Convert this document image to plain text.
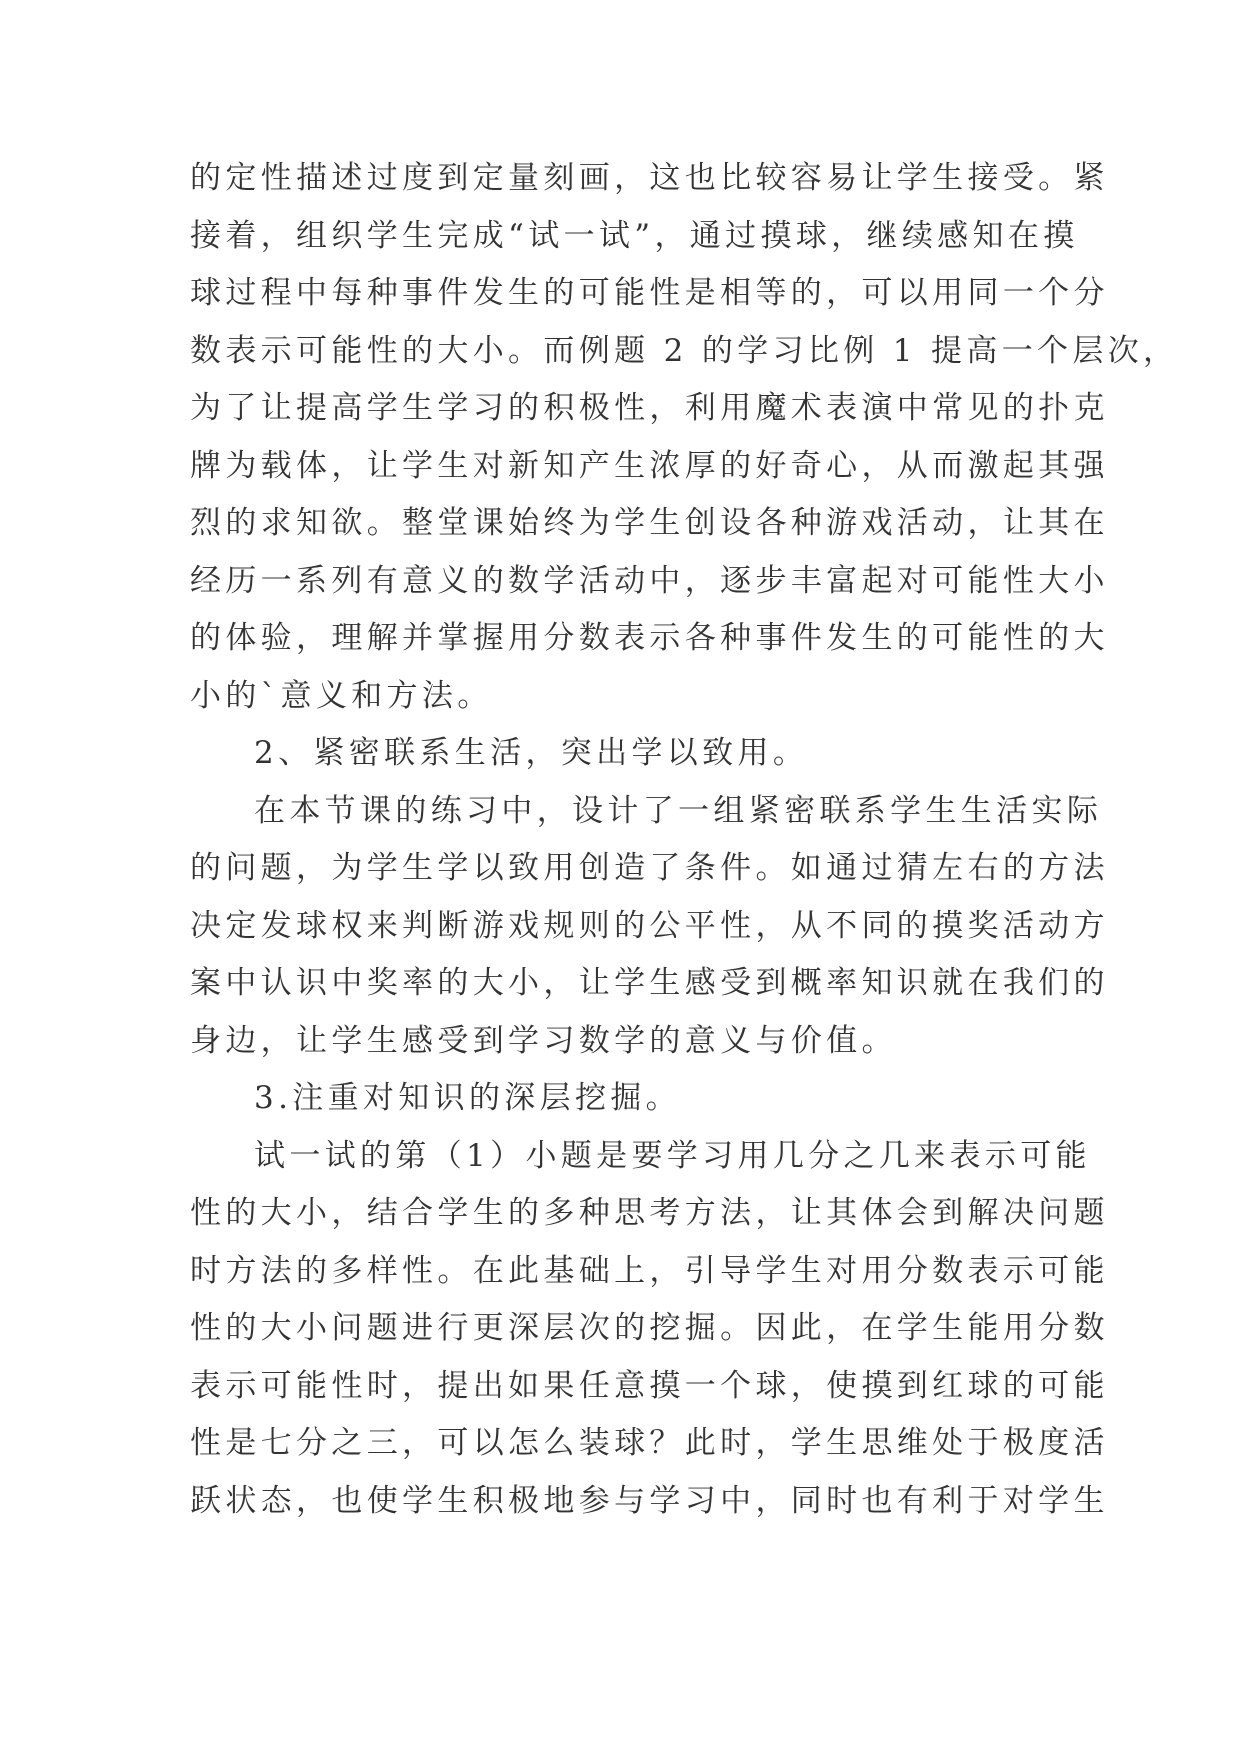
的定性描述过度到定量刻画，这也比较容易让学生接受。紧
接着，组织学生完成“试一试”，通过摸球，继续感知在摸
球过程中每种事件发生的可能性是相等的，可以用同一个分
数表示可能性的大小。而例题 2 的学习比例 1 提高一个层次，
为了让提高学生学习的积极性，利用魔术表演中常见的扑克
牌为载体，让学生对新知产生浓厚的好奇心，从而激起其强
烈的求知欲。整堂课始终为学生创设各种游戏活动，让其在
经历一系列有意义的数学活动中，逐步丰富起对可能性大小
的体验，理解并掌握用分数表示各种事件发生的可能性的大
小的`意义和方法。
2、紧密联系生活，突出学以致用。
在本节课的练习中，设计了一组紧密联系学生生活实际
的问题，为学生学以致用创造了条件。如通过猜左右的方法
决定发球权来判断游戏规则的公平性，从不同的摸奖活动方
案中认识中奖率的大小，让学生感受到概率知识就在我们的
身边，让学生感受到学习数学的意义与价值。
3.注重对知识的深层挖掘。
试一试的第（1）小题是要学习用几分之几来表示可能
性的大小，结合学生的多种思考方法，让其体会到解决问题
时方法的多样性。在此基础上，引导学生对用分数表示可能
性的大小问题进行更深层次的挖掘。因此，在学生能用分数
表示可能性时，提出如果任意摸一个球，使摸到红球的可能
性是七分之三，可以怎么装球？此时，学生思维处于极度活
跃状态，也使学生积极地参与学习中，同时也有利于对学生
